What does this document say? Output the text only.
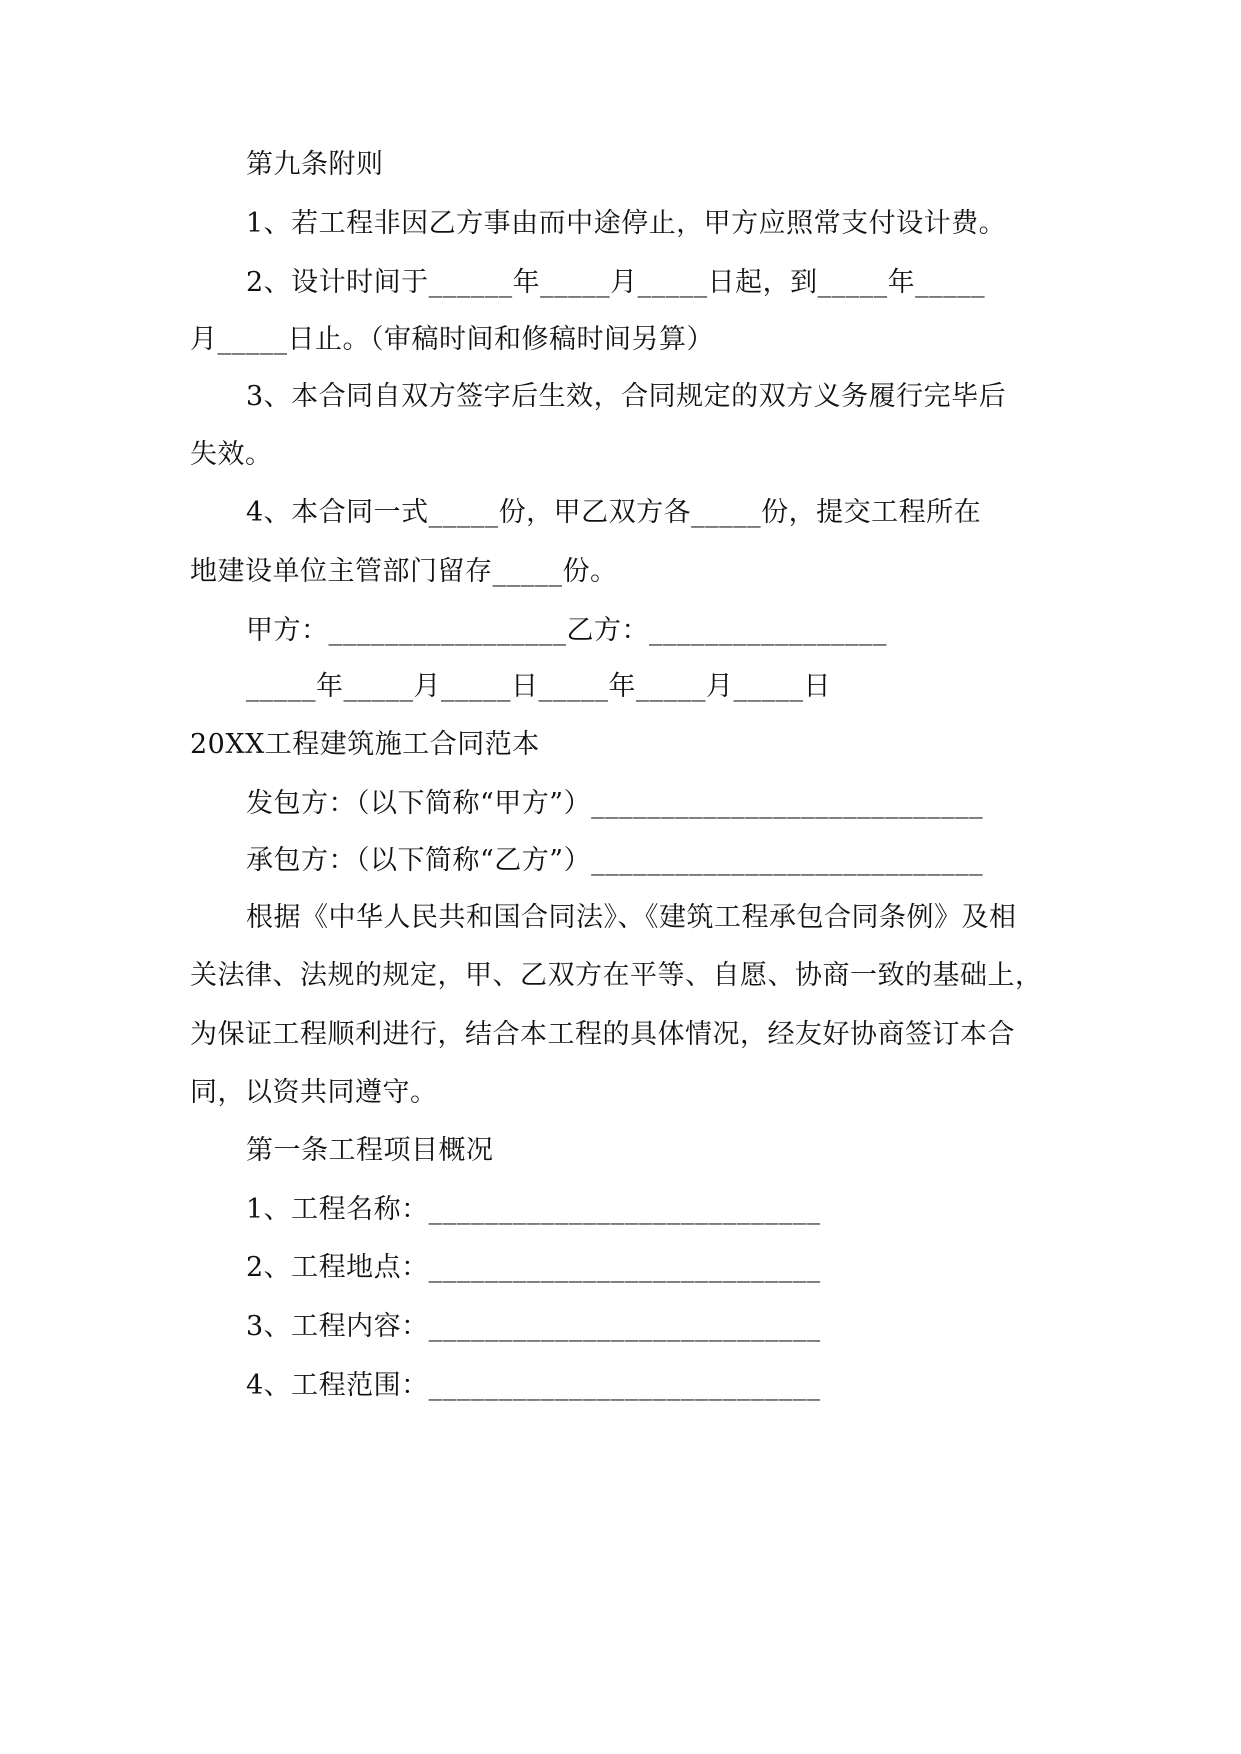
第九条附则
1、若工程非因乙方事由而中途停止，甲方应照常支付设计费。
2、设计时间于______年_____月_____日起，到_____年_____
月_____日止。（审稿时间和修稿时间另算）
3、本合同自双方签字后生效，合同规定的双方义务履行完毕后
失效。
4、本合同一式_____份，甲乙双方各_____份，提交工程所在
地建设单位主管部门留存_____份。
甲方：_________________乙方：_________________
_____年_____月_____日_____年_____月_____日
20XX工程建筑施工合同范本
发包方：（以下简称“甲方”）____________________________
承包方：（以下简称“乙方”）____________________________
根据《中华人民共和国合同法》、《建筑工程承包合同条例》及相
关法律、法规的规定，甲、乙双方在平等、自愿、协商一致的基础上，
为保证工程顺利进行，结合本工程的具体情况，经友好协商签订本合
同，以资共同遵守。
第一条工程项目概况
1、工程名称：____________________________
2、工程地点：____________________________
3、工程内容：____________________________
4、工程范围：____________________________
